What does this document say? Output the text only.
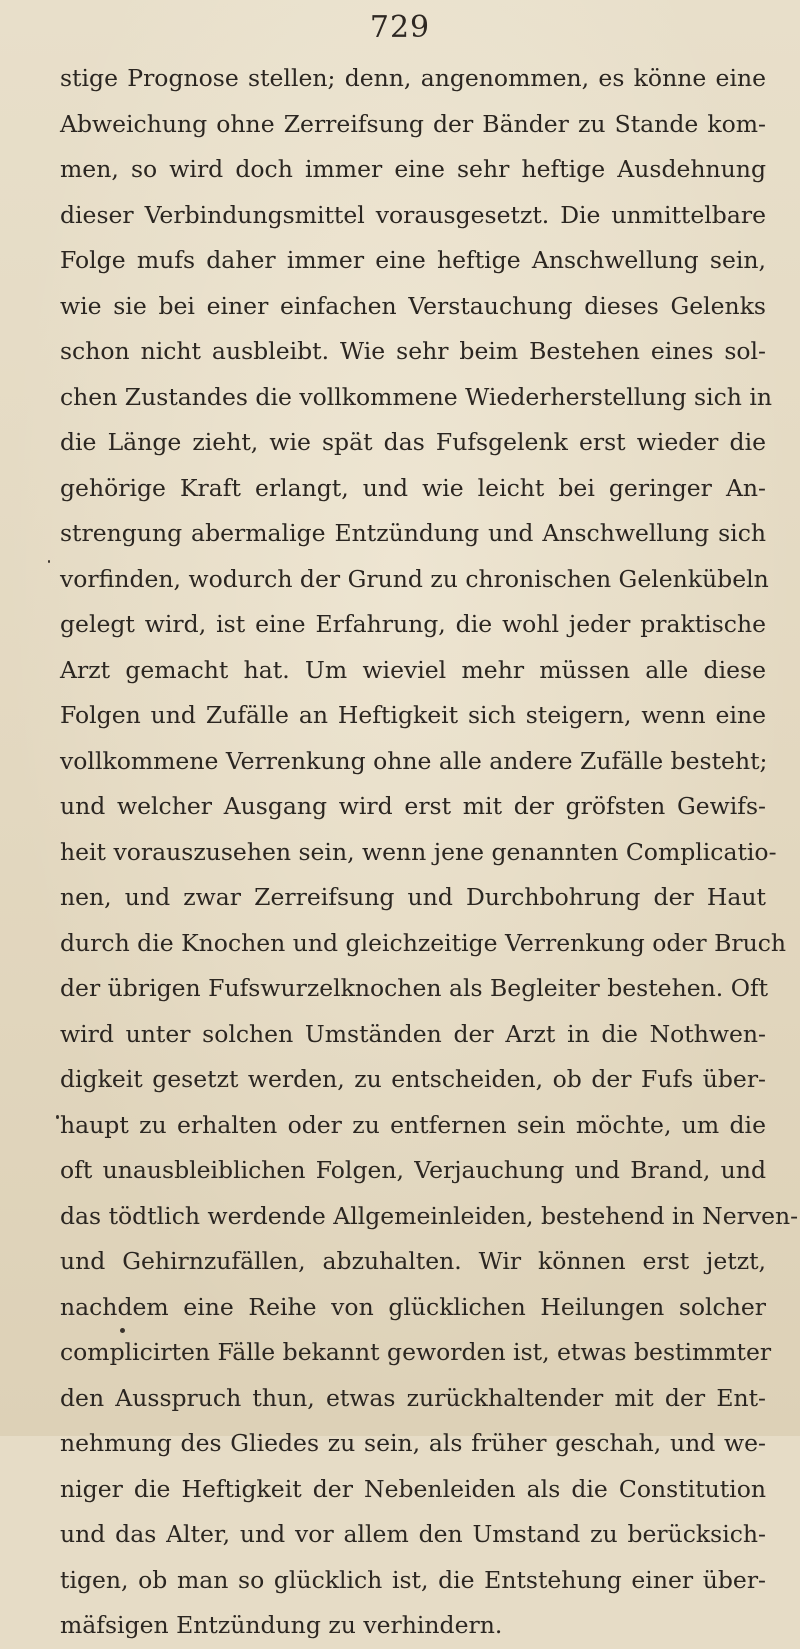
729
stige Prognose stellen; denn, angenommen, es könne eine
Abweichung ohne Zerreifsung der Bänder zu Stande kom-
men, so wird doch immer eine sehr heftige Ausdehnung
dieser Verbindungsmittel vorausgesetzt. Die unmittelbare
Folge mufs daher immer eine heftige Anschwellung sein,
wie sie bei einer einfachen Verstauchung dieses Gelenks
schon nicht ausbleibt. Wie sehr beim Bestehen eines sol-
chen Zustandes die vollkommene Wiederherstellung sich in
die Länge zieht, wie spät das Fufsgelenk erst wieder die
gehörige Kraft erlangt, und wie leicht bei geringer An-
strengung abermalige Entzündung und Anschwellung sich
vorfinden, wodurch der Grund zu chronischen Gelenkübeln
gelegt wird, ist eine Erfahrung, die wohl jeder praktische
Arzt gemacht hat. Um wieviel mehr müssen alle diese
Folgen und Zufälle an Heftigkeit sich steigern, wenn eine
vollkommene Verrenkung ohne alle andere Zufälle besteht;
und welcher Ausgang wird erst mit der gröfsten Gewifs-
heit vorauszusehen sein, wenn jene genannten Complicatio-
nen, und zwar Zerreifsung und Durchbohrung der Haut
durch die Knochen und gleichzeitige Verrenkung oder Bruch
der übrigen Fufswurzelknochen als Begleiter bestehen. Oft
wird unter solchen Umständen der Arzt in die Nothwen-
digkeit gesetzt werden, zu entscheiden, ob der Fufs über-
haupt zu erhalten oder zu entfernen sein möchte, um die
oft unausbleiblichen Folgen, Verjauchung und Brand, und
das tödtlich werdende Allgemeinleiden, bestehend in Nerven-
und Gehirnzufällen, abzuhalten. Wir können erst jetzt,
nachdem eine Reihe von glücklichen Heilungen solcher
complicirten Fälle bekannt geworden ist, etwas bestimmter
den Ausspruch thun, etwas zurückhaltender mit der Ent-
nehmung des Gliedes zu sein, als früher geschah, und we-
niger die Heftigkeit der Nebenleiden als die Constitution
und das Alter, und vor allem den Umstand zu berücksich-
tigen, ob man so glücklich ist, die Entstehung einer über-
mäfsigen Entzündung zu verhindern.
